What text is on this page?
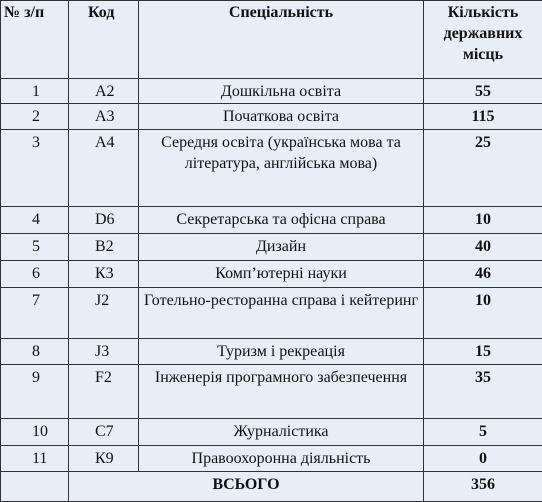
№ з/п	Код	Спеціальність	Кількість державних місць
1	А2	Дошкільна освіта	55
2	А3	Початкова освіта	115
3	А4	Середня освіта (українська мова та література, англійська мова)	25
4	D6	Секретарська та офісна справа	10
5	В2	Дизайн	40
6	К3	Комп’ютерні науки	46
7	J2	Готельно-ресторанна справа і кейтеринг	10
8	J3	Туризм і рекреація	15
9	F2	Інженерія програмного забезпечення	35
10	С7	Журналістика	5
11	К9	Правоохоронна діяльність	0
	ВСЬОГО		356
